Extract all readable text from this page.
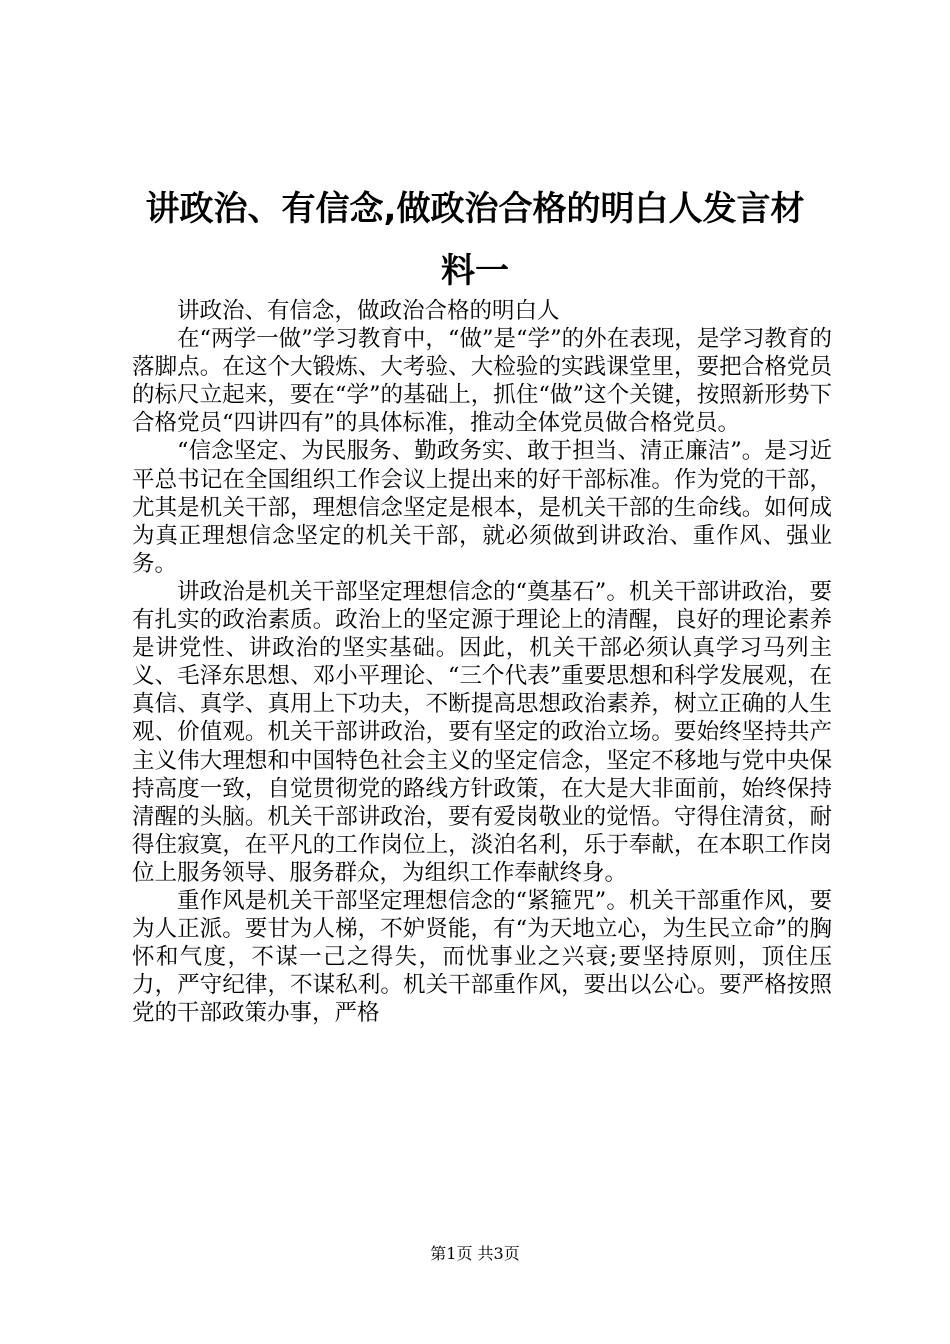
讲政治、有信念,做政治合格的明白人发言材料一

讲政治、有信念，做政治合格的明白人

在“两学一做”学习教育中，“做”是“学”的外在表现，是学习教育的落脚点。在这个大锻炼、大考验、大检验的实践课堂里，要把合格党员的标尺立起来，要在“学”的基础上，抓住“做”这个关键，按照新形势下合格党员“四讲四有”的具体标准，推动全体党员做合格党员。

“信念坚定、为民服务、勤政务实、敢于担当、清正廉洁”。是习近平总书记在全国组织工作会议上提出来的好干部标准。作为党的干部，尤其是机关干部，理想信念坚定是根本，是机关干部的生命线。如何成为真正理想信念坚定的机关干部，就必须做到讲政治、重作风、强业务。

讲政治是机关干部坚定理想信念的“奠基石”。机关干部讲政治，要有扎实的政治素质。政治上的坚定源于理论上的清醒，良好的理论素养是讲党性、讲政治的坚实基础。因此，机关干部必须认真学习马列主义、毛泽东思想、邓小平理论、“三个代表”重要思想和科学发展观，在真信、真学、真用上下功夫，不断提高思想政治素养，树立正确的人生观、价值观。机关干部讲政治，要有坚定的政治立场。要始终坚持共产主义伟大理想和中国特色社会主义的坚定信念，坚定不移地与党中央保持高度一致，自觉贯彻党的路线方针政策，在大是大非面前，始终保持清醒的头脑。机关干部讲政治，要有爱岗敬业的觉悟。守得住清贫，耐得住寂寞，在平凡的工作岗位上，淡泊名利，乐于奉献，在本职工作岗位上服务领导、服务群众，为组织工作奉献终身。

重作风是机关干部坚定理想信念的“紧箍咒”。机关干部重作风，要为人正派。要甘为人梯，不妒贤能，有“为天地立心，为生民立命”的胸怀和气度，不谋一己之得失，而忧事业之兴衰;要坚持原则，顶住压力，严守纪律，不谋私利。机关干部重作风，要出以公心。要严格按照党的干部政策办事，严格

第1页 共3页
